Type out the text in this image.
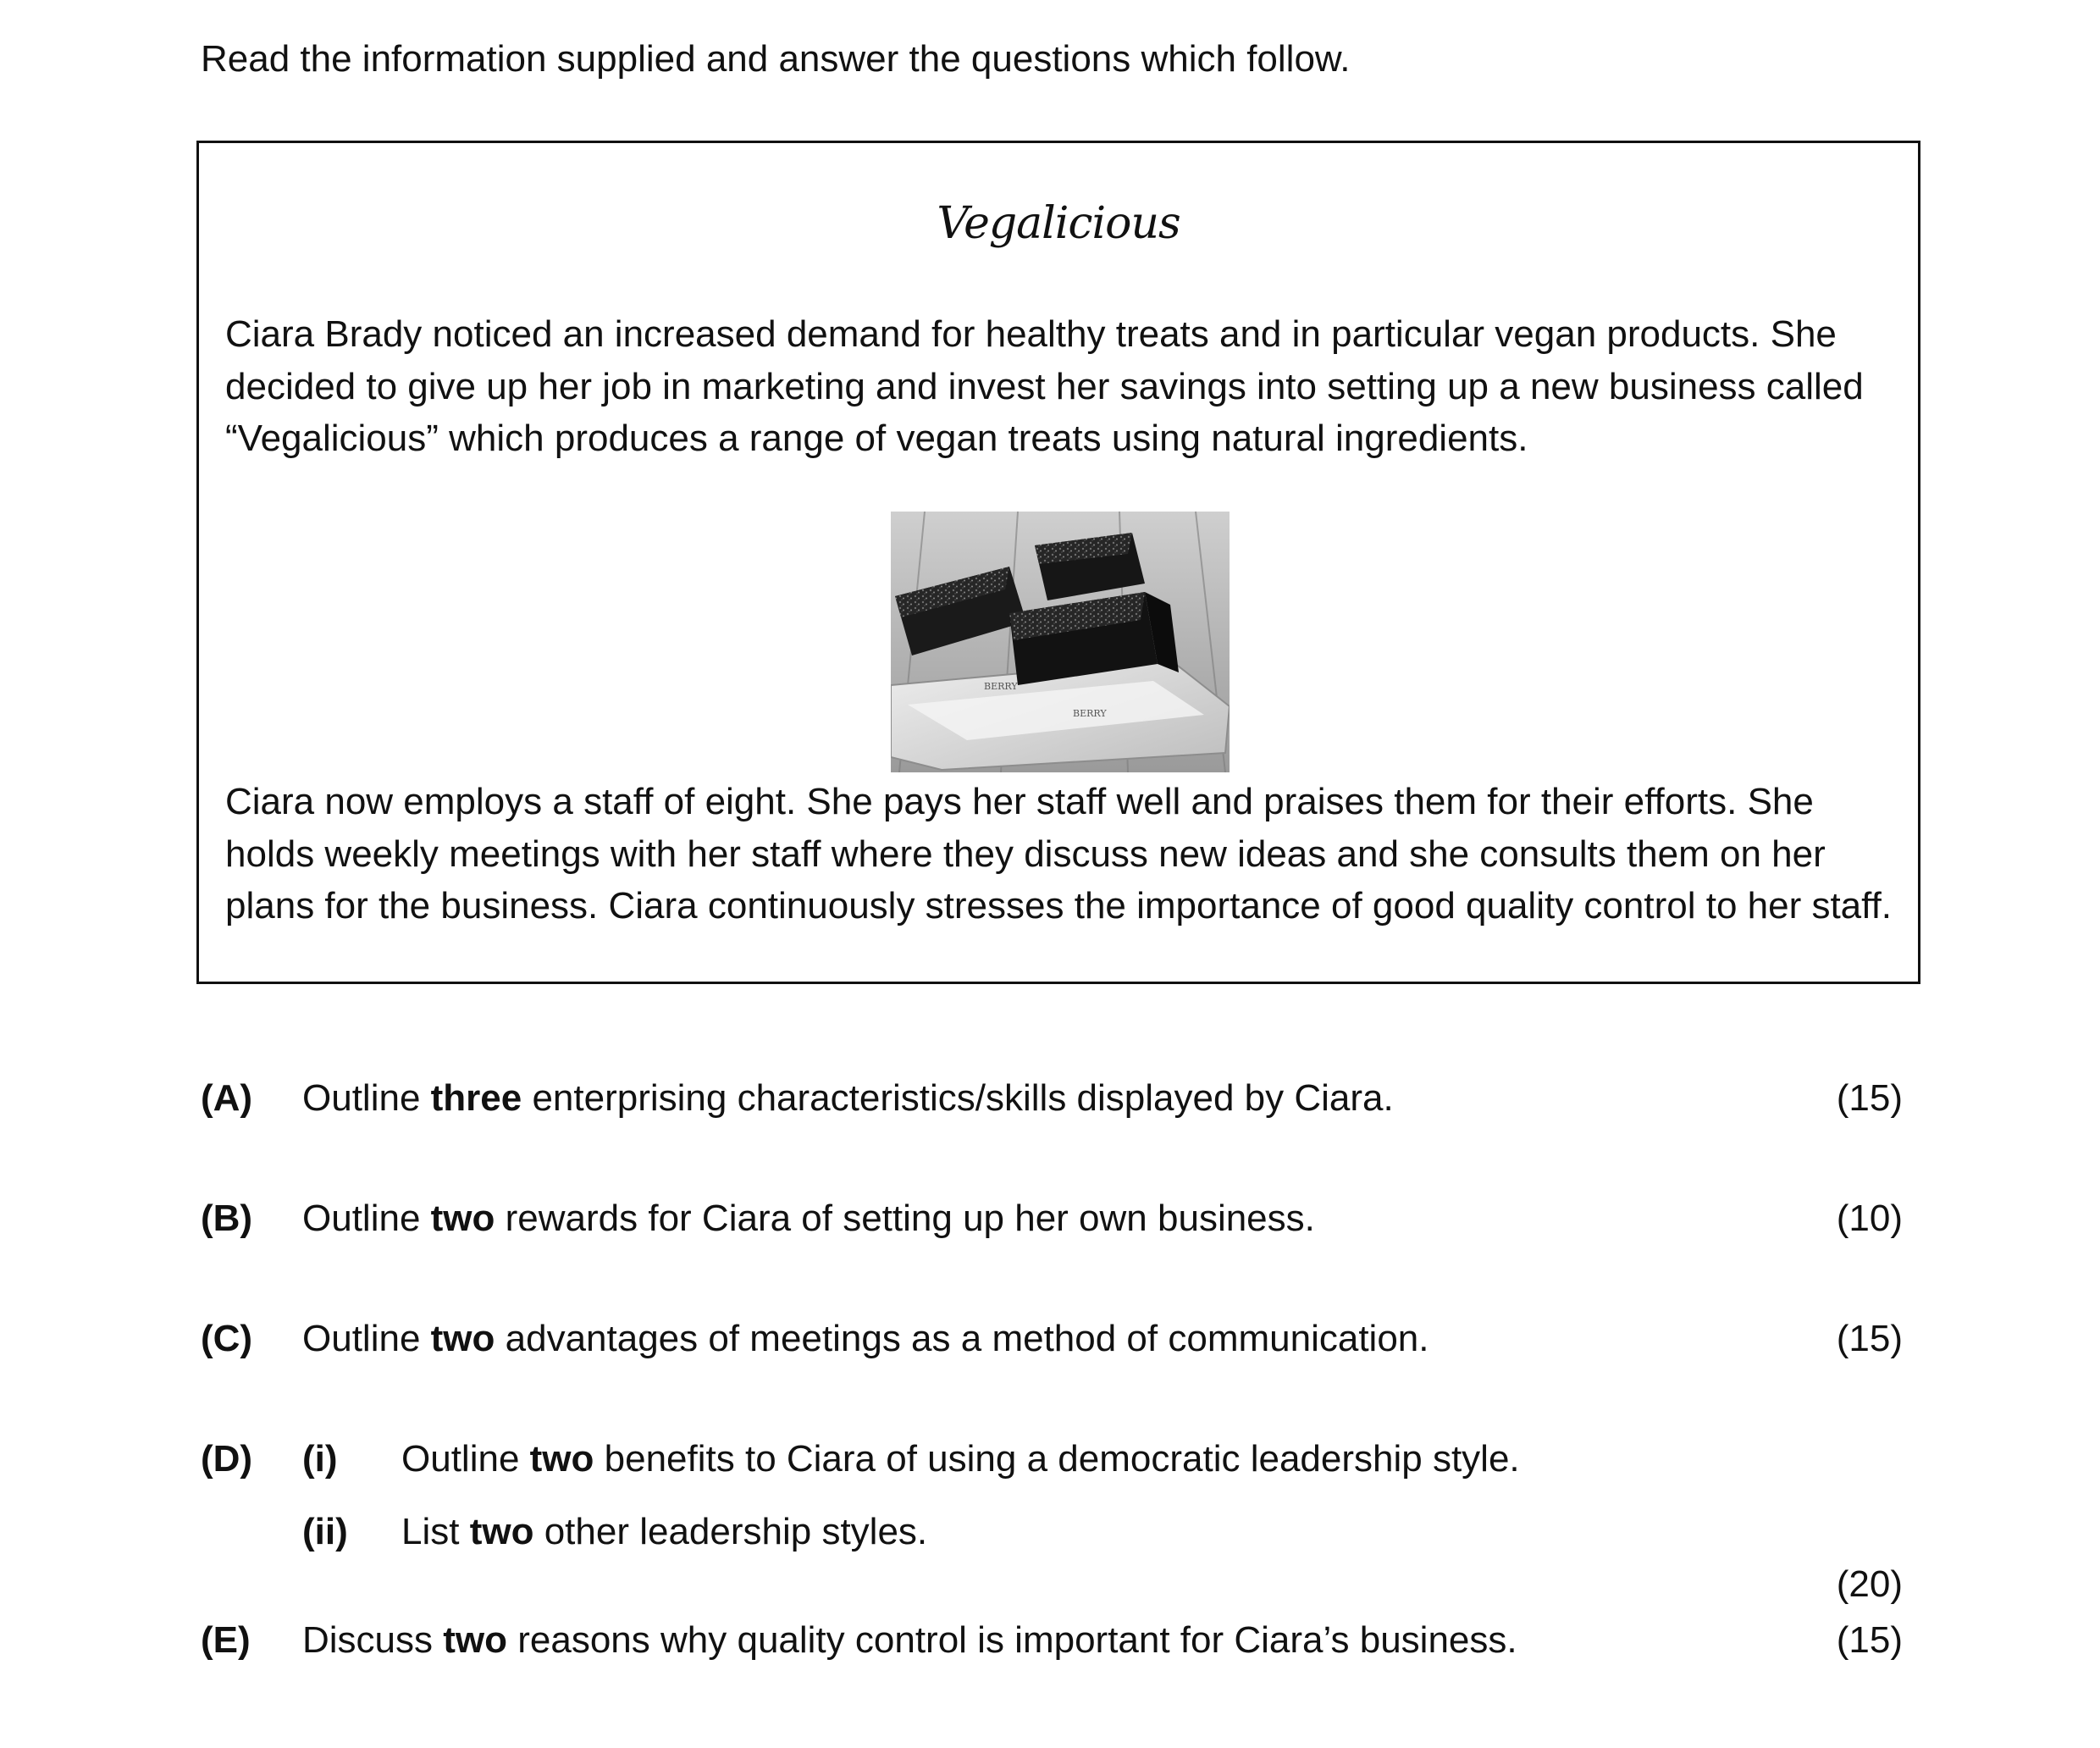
Read the information supplied and answer the questions which follow.
Vegalicious

Ciara Brady noticed an increased demand for healthy treats and in particular vegan products. She decided to give up her job in marketing and invest her savings into setting up a new business called “Vegalicious” which produces a range of vegan treats using natural ingredients.

BERRY
BERRY

Ciara now employs a staff of eight. She pays her staff well and praises them for their efforts. She holds weekly meetings with her staff where they discuss new ideas and she consults them on her plans for the business. Ciara continuously stresses the importance of good quality control to her staff.

(A) Outline three enterprising characteristics/skills displayed by Ciara.	(15)
(B) Outline two rewards for Ciara of setting up her own business.	(10)
(C) Outline two advantages of meetings as a method of communication.	(15)
(D) (i) Outline two benefits to Ciara of using a democratic leadership style.
(ii) List two other leadership styles.
(20)
(E) Discuss two reasons why quality control is important for Ciara’s business.	(15)
